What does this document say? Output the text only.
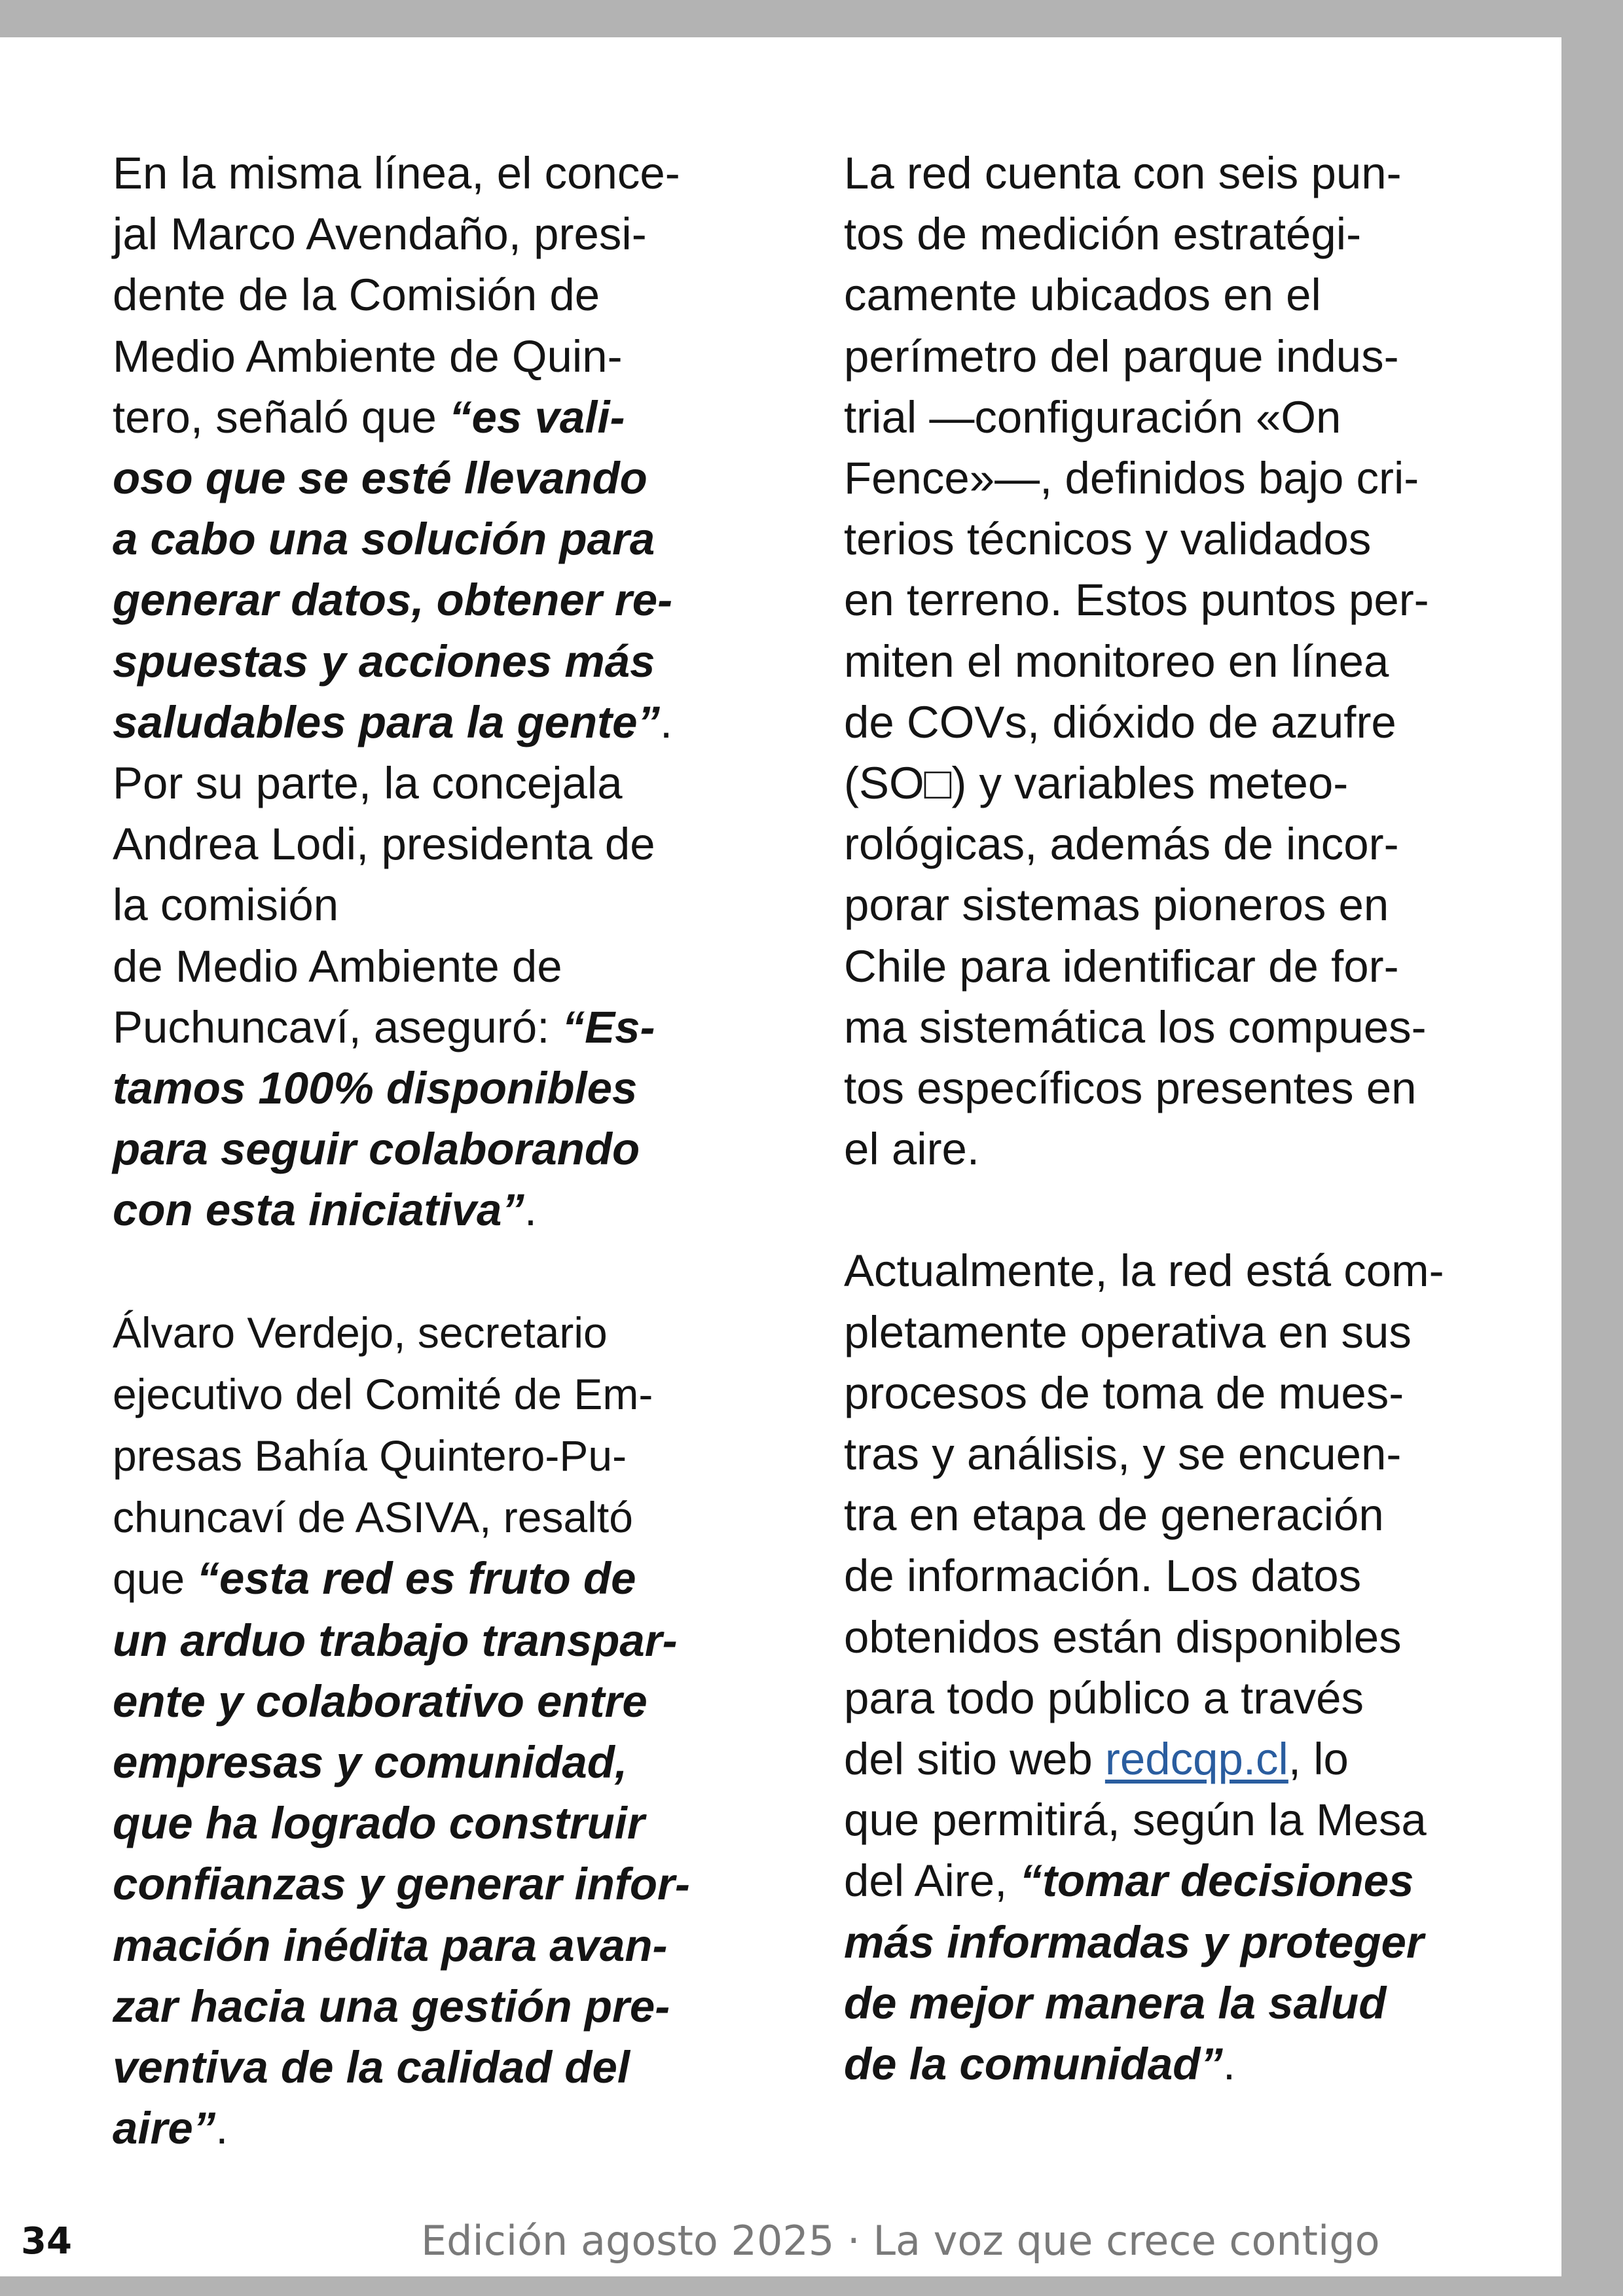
En la misma línea, el conce-
jal Marco Avendaño, presi-
dente de la Comisión de
Medio Ambiente de Quin-
tero, señaló que “es vali-
oso que se esté llevando
a cabo una solución para
generar datos, obtener re-
spuestas y acciones más
saludables para la gente”.

Por su parte, la concejala
Andrea Lodi, presidenta de
la comisión
de Medio Ambiente de
Puchuncaví, aseguró: “Es-
tamos 100% disponibles
para seguir colaborando
con esta iniciativa”.

Álvaro Verdejo, secretario
ejecutivo del Comité de Em-
presas Bahía Quintero-Pu-
chuncaví de ASIVA, resaltó
que “esta red es fruto de
un arduo trabajo transpar-
ente y colaborativo entre
empresas y comunidad,
que ha logrado construir
confianzas y generar infor-
mación inédita para avan-
zar hacia una gestión pre-
ventiva de la calidad del
aire”.

La red cuenta con seis pun-
tos de medición estratégi-
camente ubicados en el
perímetro del parque indus-
trial —configuración «On
Fence»—, definidos bajo cri-
terios técnicos y validados
en terreno. Estos puntos per-
miten el monitoreo en línea
de COVs, dióxido de azufre
(SO□) y variables meteo-
rológicas, además de incor-
porar sistemas pioneros en
Chile para identificar de for-
ma sistemática los compues-
tos específicos presentes en
el aire.

Actualmente, la red está com-
pletamente operativa en sus
procesos de toma de mues-
tras y análisis, y se encuen-
tra en etapa de generación
de información. Los datos
obtenidos están disponibles
para todo público a través
del sitio web redcqp.cl, lo
que permitirá, según la Mesa
del Aire, “tomar decisiones
más informadas y proteger
de mejor manera la salud
de la comunidad”.

34	Edición agosto 2025 · La voz que crece contigo
